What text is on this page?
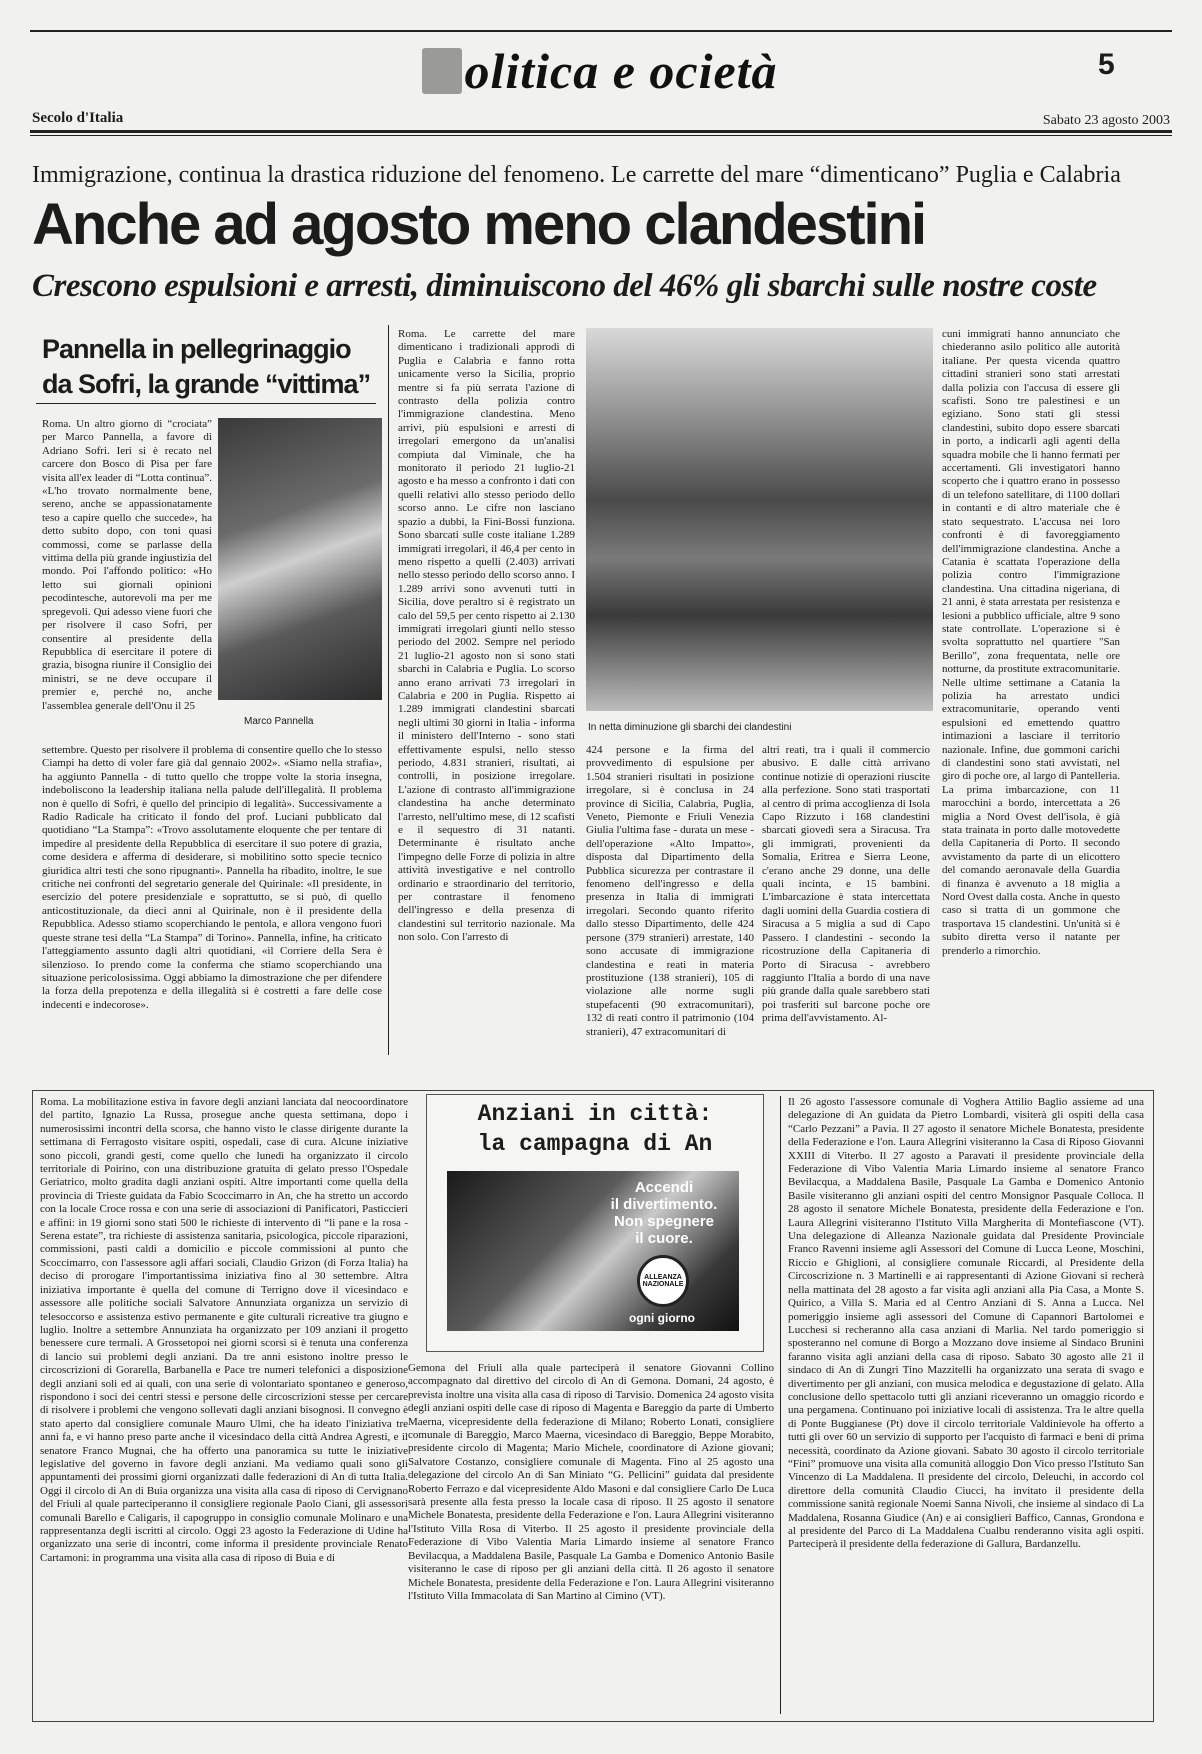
olitica e ocietà	5
Secolo d'Italia	Sabato 23 agosto 2003
Immigrazione, continua la drastica riduzione del fenomeno. Le carrette del mare “dimenticano” Puglia e Calabria
Anche ad agosto meno clandestini
Crescono espulsioni e arresti, diminuiscono del 46% gli sbarchi sulle nostre coste
Pannella in pellegrinaggio
da Sofri, la grande “vittima”
Roma. Un altro giorno di “crociata” per Marco Pannella, a favore di Adriano Sofri. Ieri si è recato nel carcere don Bosco di Pisa per fare visita all'ex leader di “Lotta continua”. «L'ho trovato normalmente bene, sereno, anche se appassionatamente teso a capire quello che succede», ha detto subito dopo, con toni quasi commossi, come se parlasse della vittima della più grande ingiustizia del mondo. Poi l'affondo politico: «Ho letto sui giornali opinioni pecodintesche, autorevoli ma per me spregevoli. Qui adesso viene fuori che per risolvere il caso Sofri, per consentire al presidente della Repubblica di esercitare il potere di grazia, bisogna riunire il Consiglio dei ministri, se ne deve occupare il premier e, perché no, anche l'assemblea generale dell'Onu il 25
Marco Pannella
settembre. Questo per risolvere il problema di consentire quello che lo stesso Ciampi ha detto di voler fare già dal gennaio 2002». «Siamo nella strafia», ha aggiunto Pannella - di tutto quello che troppe volte la storia insegna, indeboliscono la leadership italiana nella palude dell'illegalità. Il problema non è quello di Sofri, è quello del principio di legalità». Successivamente a Radio Radicale ha criticato il fondo del prof. Luciani pubblicato dal quotidiano “La Stampa”: «Trovo assolutamente eloquente che per tentare di impedire al presidente della Repubblica di esercitare il suo potere di grazia, come desidera e afferma di desiderare, si mobilitino sotto specie tecnico giuridica altri testi che sono ripugnanti». Pannella ha ribadito, inoltre, le sue critiche nei confronti del segretario generale del Quirinale: «Il presidente, in esercizio del potere presidenziale e soprattutto, se si può, di quello anticostituzionale, da dieci anni al Quirinale, non è il presidente della Repubblica. Adesso stiamo scoperchiando le pentola, e allora vengono fuori queste strane tesi della “La Stampa” di Torino». Pannella, infine, ha criticato l'atteggiamento assunto dagli altri quotidiani, «il Corriere della Sera è silenzioso. Io prendo come la conferma che stiamo scoperchiando una situazione pericolosissima. Oggi abbiamo la dimostrazione che per difendere la forza della prepotenza e della illegalità si è costretti a fare delle cose indecenti e indecorose».
Roma. Le carrette del mare dimenticano i tradizionali approdi di Puglia e Calabria e fanno rotta unicamente verso la Sicilia, proprio mentre si fa più serrata l'azione di contrasto della polizia contro l'immigrazione clandestina. Meno arrivi, più espulsioni e arresti di irregolari emergono da un'analisi compiuta dal Viminale, che ha monitorato il periodo 21 luglio-21 agosto e ha messo a confronto i dati con quelli relativi allo stesso periodo dello scorso anno. Le cifre non lasciano spazio a dubbi, la Fini-Bossi funziona. Sono sbarcati sulle coste italiane 1.289 immigrati irregolari, il 46,4 per cento in meno rispetto a quelli (2.403) arrivati nello stesso periodo dello scorso anno. I 1.289 arrivi sono avvenuti tutti in Sicilia, dove peraltro si è registrato un calo del 59,5 per cento rispetto ai 2.130 immigrati irregolari giunti nello stesso periodo del 2002. Sempre nel periodo 21 luglio-21 agosto non si sono stati sbarchi in Calabria e Puglia. Lo scorso anno erano arrivati 73 irregolari in Calabria e 200 in Puglia. Rispetto ai 1.289 immigrati clandestini sbarcati negli ultimi 30 giorni in Italia - informa il ministero dell'Interno - sono stati effettivamente espulsi, nello stesso periodo, 4.831 stranieri, risultati, ai controlli, in posizione irregolare. L'azione di contrasto all'immigrazione clandestina ha anche determinato l'arresto, nell'ultimo mese, di 12 scafisti e il sequestro di 31 natanti. Determinante è risultato anche l'impegno delle Forze di polizia in altre attività investigative e nel controllo ordinario e straordinario del territorio, per contrastare il fenomeno dell'ingresso e della presenza di clandestini sul territorio nazionale. Ma non solo. Con l'arresto di
In netta diminuzione gli sbarchi dei clandestini
424 persone e la firma del provvedimento di espulsione per 1.504 stranieri risultati in posizione irregolare, si è conclusa in 24 province di Sicilia, Calabria, Puglia, Veneto, Piemonte e Friuli Venezia Giulia l'ultima fase - durata un mese - dell'operazione «Alto Impatto», disposta dal Dipartimento della Pubblica sicurezza per contrastare il fenomeno dell'ingresso e della presenza in Italia di immigrati irregolari. Secondo quanto riferito dallo stesso Dipartimento, delle 424 persone (379 stranieri) arrestate, 140 sono accusate di immigrazione clandestina e reati in materia prostituzione (138 stranieri), 105 di violazione alle norme sugli stupefacenti (90 extracomunitari), 132 di reati contro il patrimonio (104 stranieri), 47 extracomunitari di
altri reati, tra i quali il commercio abusivo. E dalle città arrivano continue notizie di operazioni riuscite alla perfezione. Sono stati trasportati al centro di prima accoglienza di Isola Capo Rizzuto i 168 clandestini sbarcati giovedì sera a Siracusa. Tra gli immigrati, provenienti da Somalia, Eritrea e Sierra Leone, c'erano anche 29 donne, una delle quali incinta, e 15 bambini. L'imbarcazione è stata intercettata dagli uomini della Guardia costiera di Siracusa a 5 miglia a sud di Capo Passero. I clandestini - secondo la ricostruzione della Capitaneria di Porto di Siracusa - avrebbero raggiunto l'Italia a bordo di una nave più grande dalla quale sarebbero stati poi trasferiti sul barcone poche ore prima dell'avvistamento. Al-
cuni immigrati hanno annunciato che chiederanno asilo politico alle autorità italiane. Per questa vicenda quattro cittadini stranieri sono stati arrestati dalla polizia con l'accusa di essere gli scafisti. Sono tre palestinesi e un egiziano. Sono stati gli stessi clandestini, subito dopo essere sbarcati in porto, a indicarli agli agenti della squadra mobile che li hanno fermati per accertamenti. Gli investigatori hanno scoperto che i quattro erano in possesso di un telefono satellitare, di 1100 dollari in contanti e di altro materiale che è stato sequestrato. L'accusa nei loro confronti è di favoreggiamento dell'immigrazione clandestina. Anche a Catania è scattata l'operazione della polizia contro l'immigrazione clandestina. Una cittadina nigeriana, di 21 anni, è stata arrestata per resistenza e lesioni a pubblico ufficiale, altre 9 sono state controllate. L'operazione si è svolta soprattutto nel quartiere "San Berillo", zona frequentata, nelle ore notturne, da prostitute extracomunitarie. Nelle ultime settimane a Catania la polizia ha arrestato undici extracomunitarie, operando venti espulsioni ed emettendo quattro intimazioni a lasciare il territorio nazionale. Infine, due gommoni carichi di clandestini sono stati avvistati, nel giro di poche ore, al largo di Pantelleria. La prima imbarcazione, con 11 marocchini a bordo, intercettata a 26 miglia a Nord Ovest dell'isola, è già stata trainata in porto dalle motovedette della Capitaneria di Porto. Il secondo avvistamento da parte di un elicottero del comando aeronavale della Guardia di finanza è avvenuto a 18 miglia a Nord Ovest dalla costa. Anche in questo caso si tratta di un gommone che trasportava 15 clandestini. Un'unità si è subito diretta verso il natante per prenderlo a rimorchio.
Roma. La mobilitazione estiva in favore degli anziani lanciata dal neocoordinatore del partito, Ignazio La Russa, prosegue anche questa settimana, dopo i numerosissimi incontri della scorsa, che hanno visto le classe dirigente durante la settimana di Ferragosto visitare ospiti, ospedali, case di cura. Alcune iniziative sono piccoli, grandi gesti, come quello che lunedì ha organizzato il circolo territoriale di Poirino, con una distribuzione gratuita di gelato presso l'Ospedale Geriatrico, molto gradita dagli anziani ospiti. Altre importanti come quella della provincia di Trieste guidata da Fabio Scoccimarro in An, che ha stretto un accordo con la locale Croce rossa e con una serie di associazioni di Panificatori, Pasticcieri e affini: in 19 giorni sono stati 500 le richieste di intervento di “li pane e la rosa - Serena estate”, tra richieste di assistenza sanitaria, psicologica, piccole riparazioni, commissioni, pasti caldi a domicilio e piccole commissioni al punto che Scoccimarro, con l'assessore agli affari sociali, Claudio Grizon (di Forza Italia) ha deciso di prorogare l'importantissima iniziativa fino al 30 settembre. Altra iniziativa importante è quella del comune di Terrigno dove il vicesindaco e assessore alle politiche sociali Salvatore Annunziata organizza un servizio di telesoccorso e assistenza estivo permanente e gite culturali ricreative tra giugno e luglio. Inoltre a settembre Annunziata ha organizzato per 109 anziani il progetto benessere cure termali. A Grossetopoi nei giorni scorsi si è tenuta una conferenza di lancio sui problemi degli anziani. Da tre anni esistono inoltre presso le circoscrizioni di Gorarella, Barbanella e Pace tre numeri telefonici a disposizione degli anziani soli ed ai quali, con una serie di volontariato spontaneo e generoso, rispondono i soci dei centri stessi e persone delle circoscrizioni stesse per cercare di risolvere i problemi che vengono sollevati dagli anziani bisognosi. Il convegno è stato aperto dal consigliere comunale Mauro Ulmi, che ha ideato l'iniziativa tre anni fa, e vi hanno preso parte anche il vicesindaco della città Andrea Agresti, e il senatore Franco Mugnai, che ha offerto una panoramica su tutte le iniziative legislative del governo in favore degli anziani. Ma vediamo quali sono gli appuntamenti dei prossimi giorni organizzati dalle federazioni di An di tutta Italia. Oggi il circolo di An di Buia organizza una visita alla casa di riposo di Cervignano del Friuli al quale parteciperanno il consigliere regionale Paolo Ciani, gli assessori comunali Barello e Caligaris, il capogruppo in consiglio comunale Molinaro e una rappresentanza degli iscritti al circolo. Oggi 23 agosto la Federazione di Udine ha organizzato una serie di incontri, come informa il presidente provinciale Renato Cartamoni: in programma una visita alla casa di riposo di Buia e di
Anziani in città:
la campagna di An
Accendi
il divertimento.
Non spegnere
il cuore.
ALLEANZA NAZIONALE
ogni giorno
Gemona del Friuli alla quale parteciperà il senatore Giovanni Collino accompagnato dal direttivo del circolo di An di Gemona. Domani, 24 agosto, è prevista inoltre una visita alla casa di riposo di Tarvisio. Domenica 24 agosto visita degli anziani ospiti delle case di riposo di Magenta e Bareggio da parte di Umberto Maerna, vicepresidente della federazione di Milano; Roberto Lonati, consigliere comunale di Bareggio, Marco Maerna, vicesindaco di Bareggio, Beppe Morabito, presidente circolo di Magenta; Mario Michele, coordinatore di Azione giovani; Salvatore Costanzo, consigliere comunale di Magenta. Fino al 25 agosto una delegazione del circolo An di San Miniato “G. Pellicini” guidata dal presidente Roberto Ferrazo e dal vicepresidente Aldo Masoni e dal consigliere Carlo De Luca sarà presente alla festa presso la locale casa di riposo. Il 25 agosto il senatore Michele Bonatesta, presidente della Federazione e l'on. Laura Allegrini visiteranno l'Istituto Villa Rosa di Viterbo. Il 25 agosto il presidente provinciale della Federazione di Vibo Valentia Maria Limardo insieme al senatore Franco Bevilacqua, a Maddalena Basile, Pasquale La Gamba e Domenico Antonio Basile visiteranno le case di riposo per gli anziani della città. Il 26 agosto il senatore Michele Bonatesta, presidente della Federazione e l'on. Laura Allegrini visiteranno l'Istituto Villa Immacolata di San Martino al Cimino (VT).
Il 26 agosto l'assessore comunale di Voghera Attilio Baglio assieme ad una delegazione di An guidata da Pietro Lombardi, visiterà gli ospiti della casa “Carlo Pezzani” a Pavia. Il 27 agosto il senatore Michele Bonatesta, presidente della Federazione e l'on. Laura Allegrini visiteranno la Casa di Riposo Giovanni XXIII di Viterbo. Il 27 agosto a Paravati il presidente provinciale della Federazione di Vibo Valentia Maria Limardo insieme al senatore Franco Bevilacqua, a Maddalena Basile, Pasquale La Gamba e Domenico Antonio Basile visiteranno gli anziani ospiti del centro Monsignor Pasquale Colloca. Il 28 agosto il senatore Michele Bonatesta, presidente della Federazione e l'on. Laura Allegrini visiteranno l'Istituto Villa Margherita di Montefiascone (VT). Una delegazione di Alleanza Nazionale guidata dal Presidente Provinciale Franco Ravenni insieme agli Assessori del Comune di Lucca Leone, Moschini, Riccio e Ghiglioni, al consigliere comunale Riccardi, al Presidente della Circoscrizione n. 3 Martinelli e ai rappresentanti di Azione Giovani si recherà nella mattinata del 28 agosto a far visita agli anziani alla Pia Casa, a Monte S. Quirico, a Villa S. Maria ed al Centro Anziani di S. Anna a Lucca. Nel pomeriggio insieme agli assessori del Comune di Capannori Bartolomei e Lucchesi si recheranno alla casa anziani di Marlia. Nel tardo pomeriggio si sposteranno nel comune di Borgo a Mozzano dove insieme al Sindaco Brunini faranno visita agli anziani della casa di riposo. Sabato 30 agosto alle 21 il sindaco di An di Zungri Tino Mazzitelli ha organizzato una serata di svago e divertimento per gli anziani, con musica melodica e degustazione di gelato. Alla conclusione dello spettacolo tutti gli anziani riceveranno un omaggio ricordo e una pergamena. Continuano poi iniziative locali di assistenza. Tra le altre quella di Ponte Buggianese (Pt) dove il circolo territoriale Valdinievole ha offerto a tutti gli over 60 un servizio di supporto per l'acquisto di farmaci e beni di prima necessità, coordinato da Azione giovani. Sabato 30 agosto il circolo territoriale “Fini” promuove una visita alla comunità alloggio Don Vico presso l'Istituto San Vincenzo di La Maddalena. Il presidente del circolo, Deleuchi, in accordo col direttore della comunità Claudio Ciucci, ha invitato il presidente della commissione sanità regionale Noemi Sanna Nivoli, che insieme al sindaco di La Maddalena, Rosanna Giudice (An) e ai consiglieri Baffico, Cannas, Grondona e al presidente del Parco di La Maddalena Cualbu renderanno visita agli ospiti. Parteciperà il presidente della federazione di Gallura, Bardanzellu.
